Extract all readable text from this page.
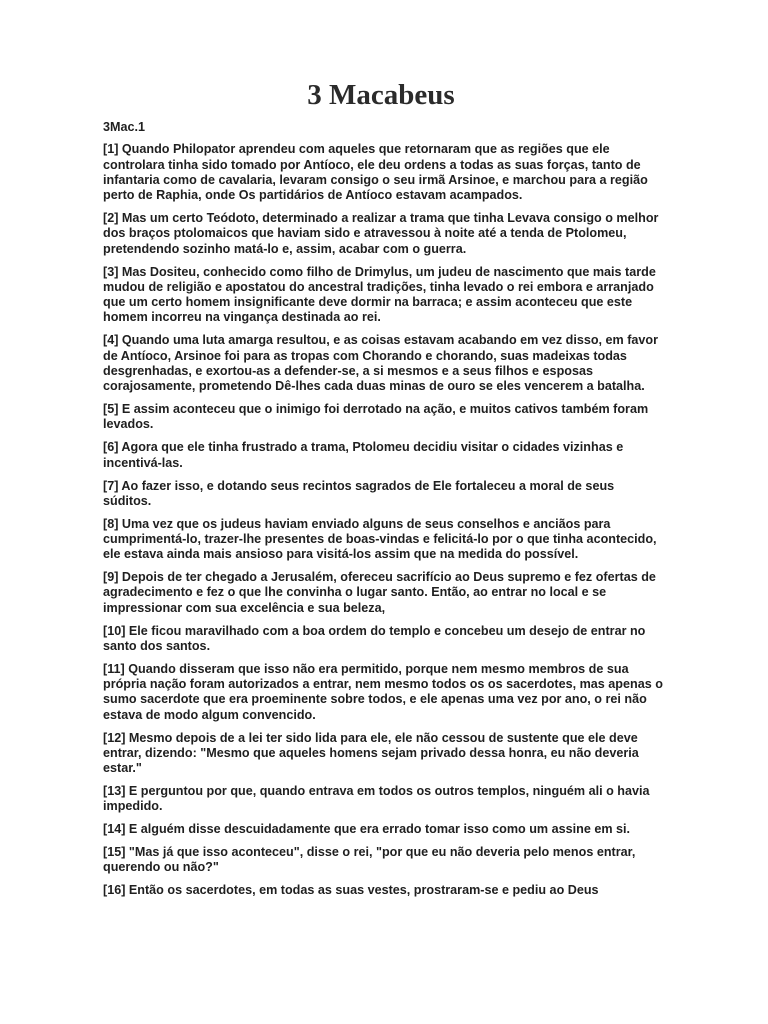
3 Macabeus

3Mac.1

[1] Quando Philopator aprendeu com aqueles que retornaram que as regiões que ele controlara tinha sido tomado por Antíoco, ele deu ordens a todas as suas forças, tanto de infantaria como de cavalaria, levaram consigo o seu irmã Arsinoe, e marchou para a região perto de Raphia, onde Os partidários de Antíoco estavam acampados.

[2] Mas um certo Teódoto, determinado a realizar a trama que tinha Levava consigo o melhor dos braços ptolomaicos que haviam sido e atravessou à noite até a tenda de Ptolomeu, pretendendo sozinho matá-lo e, assim, acabar com o guerra.

[3] Mas Dositeu, conhecido como filho de Drimylus, um judeu de nascimento que mais tarde mudou de religião e apostatou do ancestral tradições, tinha levado o rei embora e arranjado que um certo homem insignificante deve dormir na barraca; e assim aconteceu que este homem incorreu na vingança destinada ao rei.

[4] Quando uma luta amarga resultou, e as coisas estavam acabando em vez disso, em favor de Antíoco, Arsinoe foi para as tropas com Chorando e chorando, suas madeixas todas desgrenhadas, e exortou-as a defender-se, a si mesmos e a seus filhos e esposas corajosamente, prometendo Dê-lhes cada duas minas de ouro se eles vencerem a batalha.

[5] E assim aconteceu que o inimigo foi derrotado na ação, e muitos cativos também foram levados.

[6] Agora que ele tinha frustrado a trama, Ptolomeu decidiu visitar o cidades vizinhas e incentivá-las.

[7] Ao fazer isso, e dotando seus recintos sagrados de Ele fortaleceu a moral de seus súditos.

[8] Uma vez que os judeus haviam enviado alguns de seus conselhos e anciãos para cumprimentá-lo, trazer-lhe presentes de boas-vindas e felicitá-lo por o que tinha acontecido, ele estava ainda mais ansioso para visitá-los assim que na medida do possível.

[9] Depois de ter chegado a Jerusalém, ofereceu sacrifício ao Deus supremo e fez ofertas de agradecimento e fez o que lhe convinha o lugar santo. Então, ao entrar no local e se impressionar com sua excelência e sua beleza,

[10] Ele ficou maravilhado com a boa ordem do templo e concebeu um desejo de entrar no santo dos santos.

[11] Quando disseram que isso não era permitido, porque nem mesmo membros de sua própria nação foram autorizados a entrar, nem mesmo todos os os sacerdotes, mas apenas o sumo sacerdote que era proeminente sobre todos, e ele apenas uma vez por ano, o rei não estava de modo algum convencido.

[12] Mesmo depois de a lei ter sido lida para ele, ele não cessou de sustente que ele deve entrar, dizendo: "Mesmo que aqueles homens sejam privado dessa honra, eu não deveria estar."

[13] E perguntou por que, quando entrava em todos os outros templos, ninguém ali o havia impedido.

[14] E alguém disse descuidadamente que era errado tomar isso como um assine em si.

[15] "Mas já que isso aconteceu", disse o rei, "por que eu não deveria pelo menos entrar, querendo ou não?"

[16] Então os sacerdotes, em todas as suas vestes, prostraram-se e pediu ao Deus
